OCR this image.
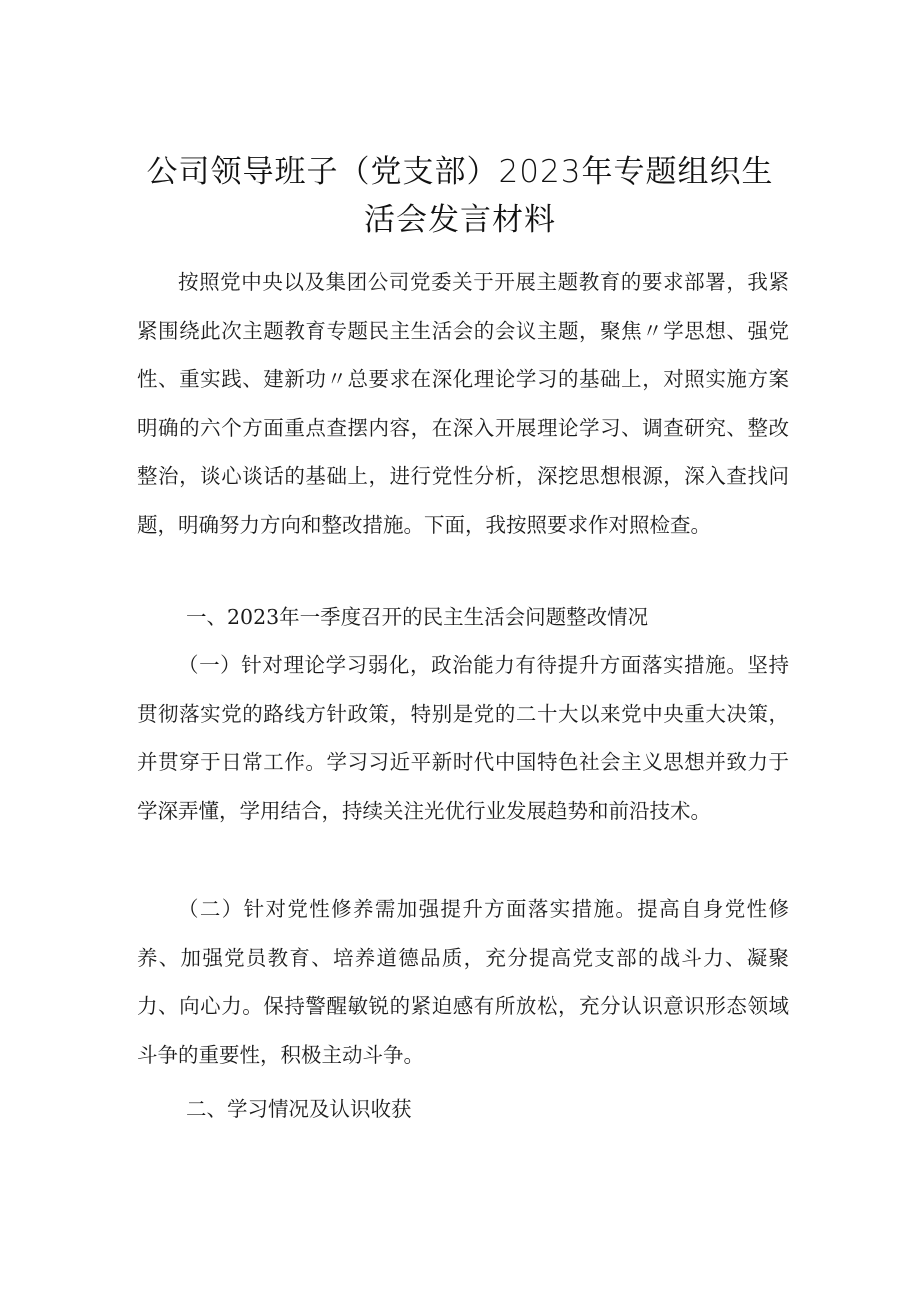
公司领导班子（党支部）2023年专题组织生
活会发言材料

按照党中央以及集团公司党委关于开展主题教育的要求部署，我紧紧围绕此次主题教育专题民主生活会的会议主题，聚焦〃学思想、强党性、重实践、建新功〃总要求在深化理论学习的基础上，对照实施方案明确的六个方面重点查摆内容，在深入开展理论学习、调查研究、整改整治，谈心谈话的基础上，进行党性分析，深挖思想根源，深入查找问题，明确努力方向和整改措施。下面，我按照要求作对照检查。

一、2023年一季度召开的民主生活会问题整改情况

（一）针对理论学习弱化，政治能力有待提升方面落实措施。坚持贯彻落实党的路线方针政策，特别是党的二十大以来党中央重大决策，并贯穿于日常工作。学习习近平新时代中国特色社会主义思想并致力于学深弄懂，学用结合，持续关注光优行业发展趋势和前沿技术。

（二）针对党性修养需加强提升方面落实措施。提高自身党性修养、加强党员教育、培养道德品质，充分提高党支部的战斗力、凝聚力、向心力。保持警醒敏锐的紧迫感有所放松，充分认识意识形态领域斗争的重要性，积极主动斗争。

二、学习情况及认识收获
